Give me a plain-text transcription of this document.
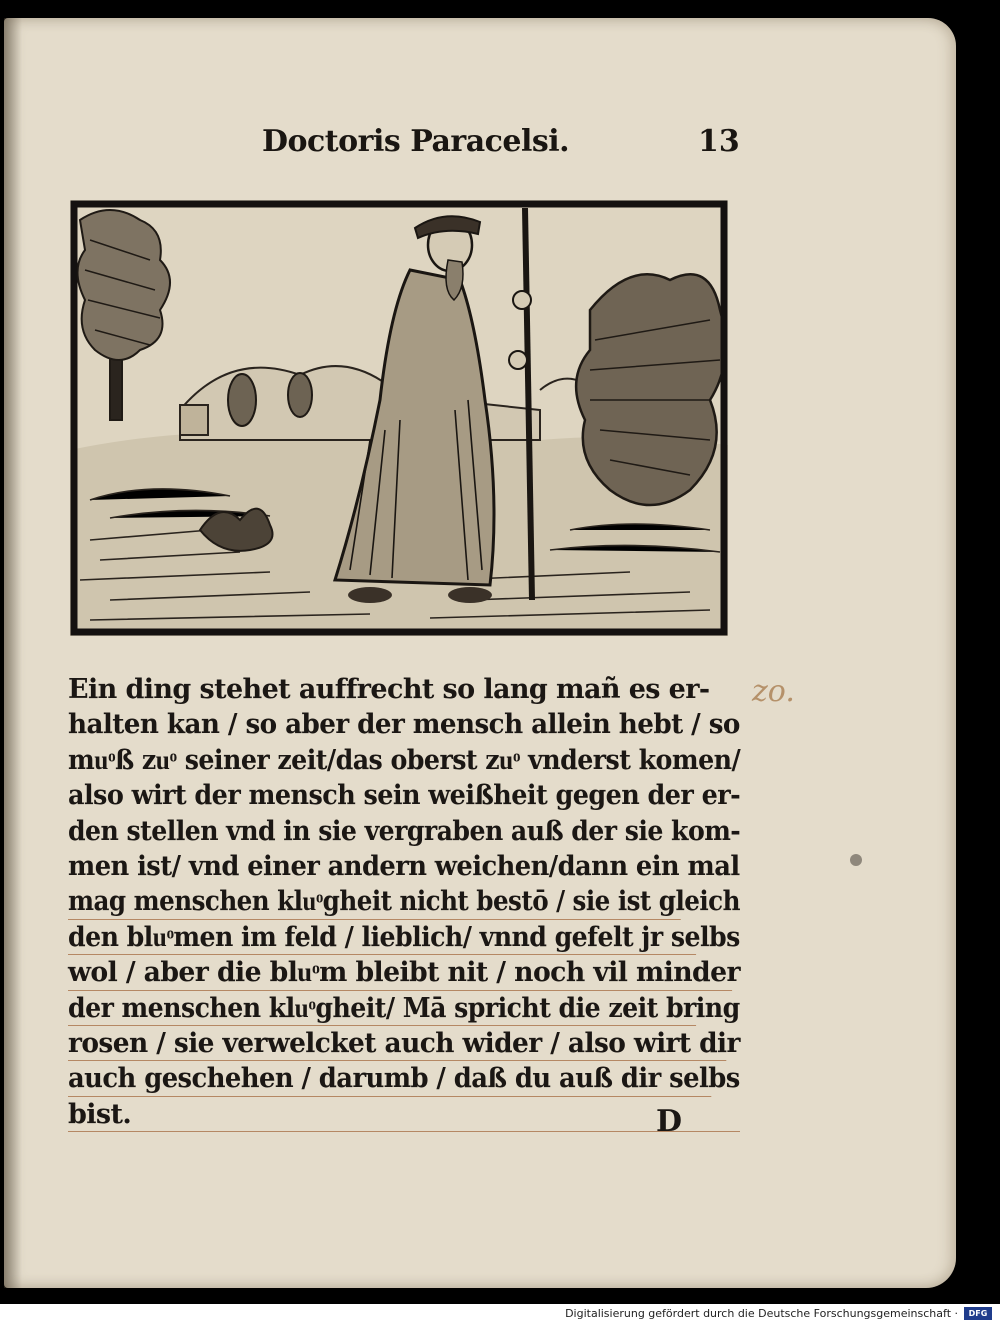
Doctoris Paracelsi.	13
zo.
Ein ding stehet auffrecht so lang mañ es er-
halten kan / so aber der mensch allein hebt / so
muͦß zuͦ seiner zeit/das oberst zuͦ vnderst komen/
also wirt der mensch sein weißheit gegen der er-
den stellen vnd in sie vergraben auß der sie kom-
men ist/ vnd einer andern weichen/dann ein mal
mag menschen kluͦgheit nicht bestō / sie ist gleich
den bluͦmen im feld / lieblich/ vnnd gefelt jr selbs
wol / aber die bluͦm bleibt nit / noch vil minder
der menschen kluͦgheit/ Mā spricht die zeit bring
rosen / sie verwelcket auch wider / also wirt dir
auch geschehen / darumb / daß du auß dir selbs
bist.	D
Digitalisierung gefördert durch die Deutsche Forschungsgemeinschaft ·	DFG
